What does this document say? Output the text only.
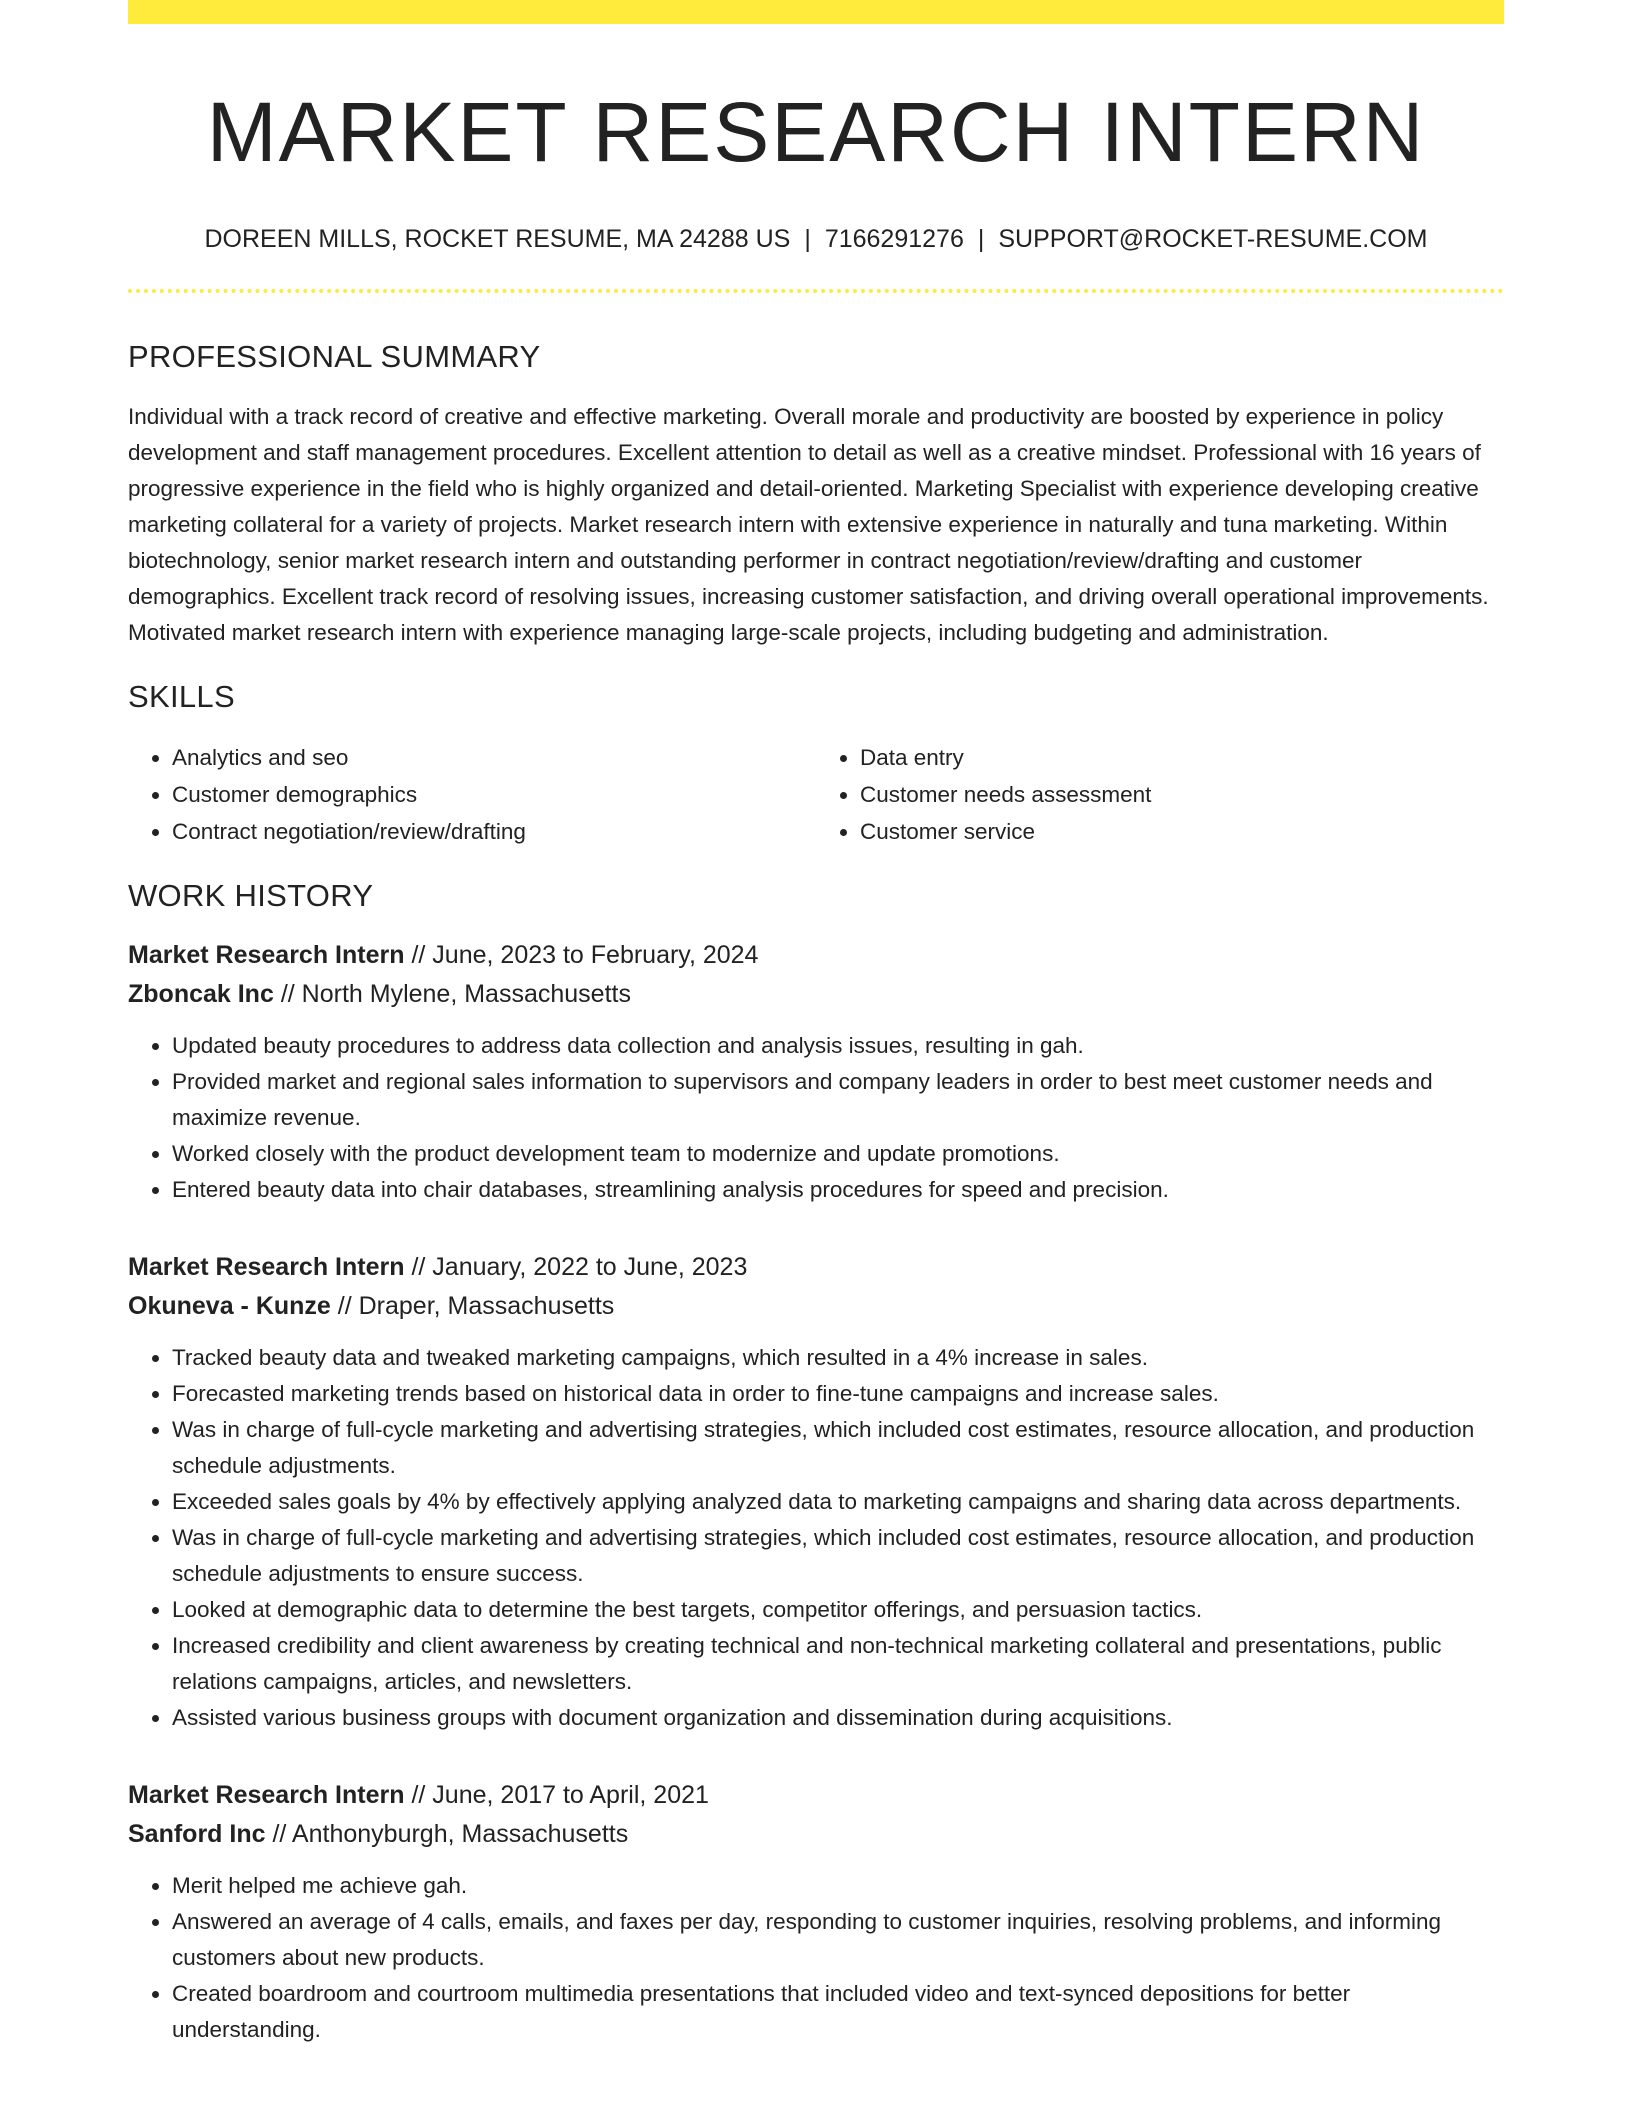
MARKET RESEARCH INTERN
DOREEN MILLS, ROCKET RESUME, MA 24288 US | 7166291276 | SUPPORT@ROCKET-RESUME.COM
PROFESSIONAL SUMMARY

Individual with a track record of creative and effective marketing. Overall morale and productivity are boosted by experience in policy development and staff management procedures. Excellent attention to detail as well as a creative mindset. Professional with 16 years of progressive experience in the field who is highly organized and detail-oriented. Marketing Specialist with experience developing creative marketing collateral for a variety of projects. Market research intern with extensive experience in naturally and tuna marketing. Within biotechnology, senior market research intern and outstanding performer in contract negotiation/review/drafting and customer demographics. Excellent track record of resolving issues, increasing customer satisfaction, and driving overall operational improvements. Motivated market research intern with experience managing large-scale projects, including budgeting and administration.

SKILLS
• Analytics and seo
• Customer demographics
• Contract negotiation/review/drafting
• Data entry
• Customer needs assessment
• Customer service
WORK HISTORY
Market Research Intern // June, 2023 to February, 2024
Zboncak Inc // North Mylene, Massachusetts
• Updated beauty procedures to address data collection and analysis issues, resulting in gah.
• Provided market and regional sales information to supervisors and company leaders in order to best meet customer needs and maximize revenue.
• Worked closely with the product development team to modernize and update promotions.
• Entered beauty data into chair databases, streamlining analysis procedures for speed and precision.
Market Research Intern // January, 2022 to June, 2023
Okuneva - Kunze // Draper, Massachusetts
• Tracked beauty data and tweaked marketing campaigns, which resulted in a 4% increase in sales.
• Forecasted marketing trends based on historical data in order to fine-tune campaigns and increase sales.
• Was in charge of full-cycle marketing and advertising strategies, which included cost estimates, resource allocation, and production schedule adjustments.
• Exceeded sales goals by 4% by effectively applying analyzed data to marketing campaigns and sharing data across departments.
• Was in charge of full-cycle marketing and advertising strategies, which included cost estimates, resource allocation, and production schedule adjustments to ensure success.
• Looked at demographic data to determine the best targets, competitor offerings, and persuasion tactics.
• Increased credibility and client awareness by creating technical and non-technical marketing collateral and presentations, public relations campaigns, articles, and newsletters.
• Assisted various business groups with document organization and dissemination during acquisitions.
Market Research Intern // June, 2017 to April, 2021
Sanford Inc // Anthonyburgh, Massachusetts
• Merit helped me achieve gah.
• Answered an average of 4 calls, emails, and faxes per day, responding to customer inquiries, resolving problems, and informing customers about new products.
• Created boardroom and courtroom multimedia presentations that included video and text-synced depositions for better understanding.
